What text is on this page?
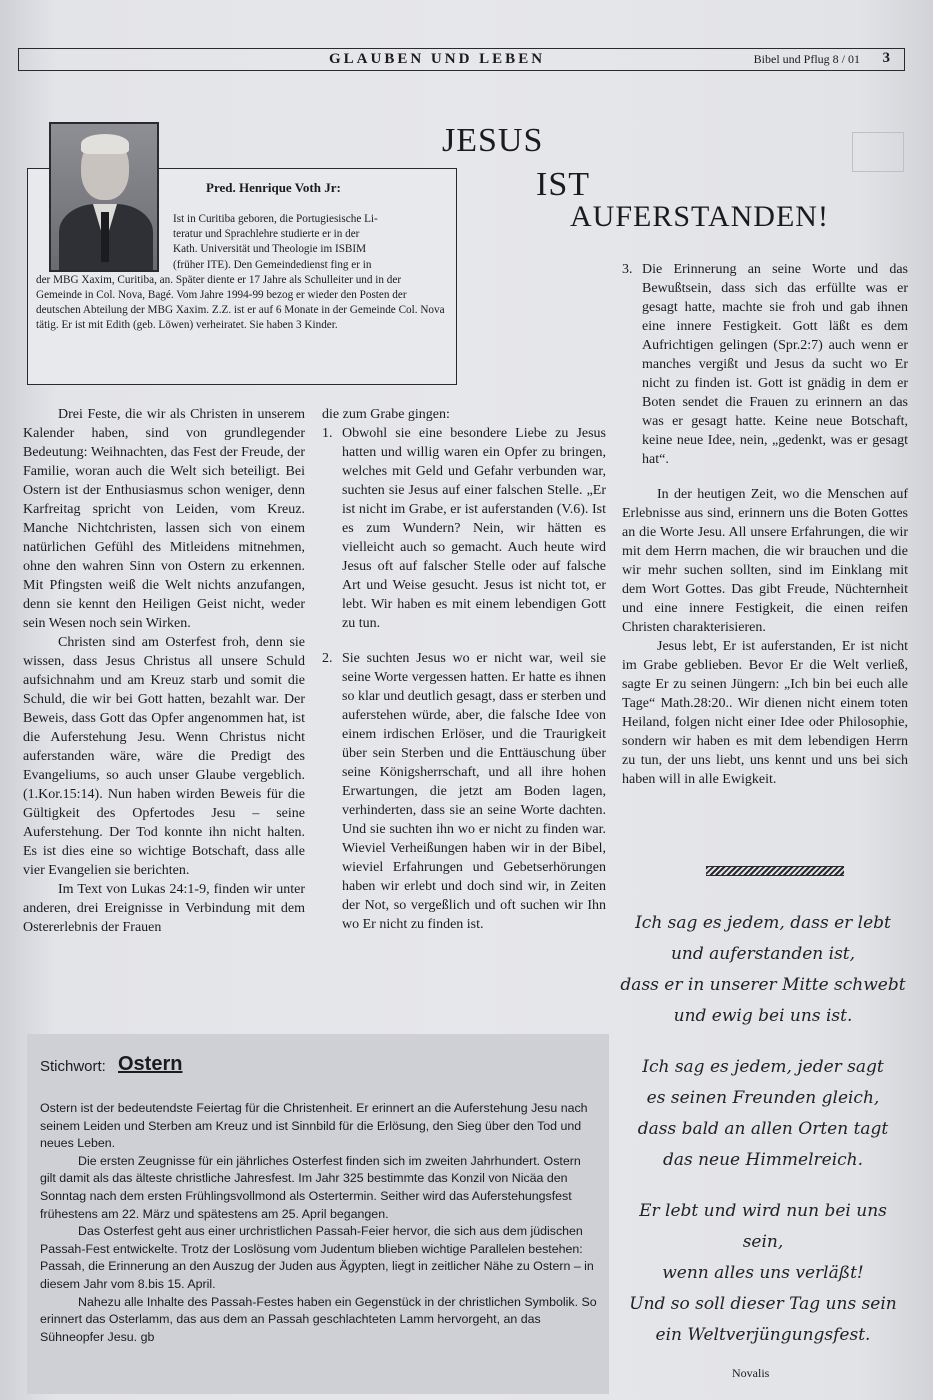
GLAUBEN UND LEBEN	Bibel und Pflug 8 / 01 3
Pred. Henrique Voth Jr:
Ist in Curitiba geboren, die Portugiesische Li-
teratur und Sprachlehre studierte er in der
Kath. Universität und Theologie im ISBIM
(früher ITE). Den Gemeindedienst fing er in
der MBG Xaxim, Curitiba, an. Später diente er 17 Jahre als Schulleiter und in der Gemeinde in Col. Nova, Bagé. Vom Jahre 1994-99 bezog er wieder den Posten der deutschen Abteilung der MBG Xaxim. Z.Z. ist er auf 6 Monate in der Gemeinde Col. Nova tätig. Er ist mit Edith (geb. Löwen) verheiratet. Sie haben 3 Kinder.
JESUS
IST
AUFERSTANDEN!

Drei Feste, die wir als Christen in unserem Kalender haben, sind von grundlegender Bedeutung: Weihnachten, das Fest der Freude, der Familie, woran auch die Welt sich beteiligt. Bei Ostern ist der Enthusiasmus schon weniger, denn Karfreitag spricht von Leiden, vom Kreuz. Manche Nichtchristen, lassen sich von einem natürlichen Gefühl des Mitleidens mitnehmen, ohne den wahren Sinn von Ostern zu erkennen. Mit Pfingsten weiß die Welt nichts anzufangen, denn sie kennt den Heiligen Geist nicht, weder sein Wesen noch sein Wirken.

Christen sind am Osterfest froh, denn sie wissen, dass Jesus Christus all unsere Schuld aufsichnahm und am Kreuz starb und somit die Schuld, die wir bei Gott hatten, bezahlt war. Der Beweis, dass Gott das Opfer angenommen hat, ist die Auferstehung Jesu. Wenn Christus nicht auferstanden wäre, wäre die Predigt des Evangeliums, so auch unser Glaube vergeblich. (1.Kor.15:14). Nun haben wirden Beweis für die Gültigkeit des Opfertodes Jesu – seine Auferstehung. Der Tod konnte ihn nicht halten. Es ist dies eine so wichtige Botschaft, dass alle vier Evangelien sie berichten.

Im Text von Lukas 24:1-9, finden wir unter anderen, drei Ereignisse in Verbindung mit dem Ostererlebnis der Frauen

die zum Grabe gingen:

1. Obwohl sie eine besondere Liebe zu Jesus hatten und willig waren ein Opfer zu bringen, welches mit Geld und Gefahr verbunden war, suchten sie Jesus auf einer falschen Stelle. „Er ist nicht im Grabe, er ist auferstanden (V.6). Ist es zum Wundern? Nein, wir hätten es vielleicht auch so gemacht. Auch heute wird Jesus oft auf falscher Stelle oder auf falsche Art und Weise gesucht. Jesus ist nicht tot, er lebt. Wir haben es mit einem lebendigen Gott zu tun.

2. Sie suchten Jesus wo er nicht war, weil sie seine Worte vergessen hatten. Er hatte es ihnen so klar und deutlich gesagt, dass er sterben und auferstehen würde, aber, die falsche Idee von einem irdischen Erlöser, und die Traurigkeit über sein Sterben und die Enttäuschung über seine Königsherrschaft, und all ihre hohen Erwartungen, die jetzt am Boden lagen, verhinderten, dass sie an seine Worte dachten. Und sie suchten ihn wo er nicht zu finden war. Wieviel Verheißungen haben wir in der Bibel, wieviel Erfahrungen und Gebetserhörungen haben wir erlebt und doch sind wir, in Zeiten der Not, so vergeßlich und oft suchen wir Ihn wo Er nicht zu finden ist.

3. Die Erinnerung an seine Worte und das Bewußtsein, dass sich das erfüllte was er gesagt hatte, machte sie froh und gab ihnen eine innere Festigkeit. Gott läßt es dem Aufrichtigen gelingen (Spr.2:7) auch wenn er manches vergißt und Jesus da sucht wo Er nicht zu finden ist. Gott ist gnädig in dem er Boten sendet die Frauen zu erinnern an das was er gesagt hatte. Keine neue Botschaft, keine neue Idee, nein, „gedenkt, was er gesagt hat“.

In der heutigen Zeit, wo die Menschen auf Erlebnisse aus sind, erinnern uns die Boten Gottes an die Worte Jesu. All unsere Erfahrungen, die wir mit dem Herrn machen, die wir brauchen und die wir mehr suchen sollten, sind im Einklang mit dem Wort Gottes. Das gibt Freude, Nüchternheit und eine innere Festigkeit, die einen reifen Christen charakterisieren.

Jesus lebt, Er ist auferstanden, Er ist nicht im Grabe geblieben. Bevor Er die Welt verließ, sagte Er zu seinen Jüngern: „Ich bin bei euch alle Tage“ Math.28:20.. Wir dienen nicht einem toten Heiland, folgen nicht einer Idee oder Philosophie, sondern wir haben es mit dem lebendigen Herrn zu tun, der uns liebt, uns kennt und uns bei sich haben will in alle Ewigkeit.

Ich sag es jedem, dass er lebt
und auferstanden ist,
dass er in unserer Mitte schwebt
und ewig bei uns ist.

Ich sag es jedem, jeder sagt
es seinen Freunden gleich,
dass bald an allen Orten tagt
das neue Himmelreich.

Er lebt und wird nun bei uns sein,
wenn alles uns verläßt!
Und so soll dieser Tag uns sein
ein Weltverjüngungsfest.

Novalis
Stichwort: Ostern

Ostern ist der bedeutendste Feiertag für die Christenheit. Er erinnert an die Auferstehung Jesu nach seinem Leiden und Sterben am Kreuz und ist Sinnbild für die Erlösung, den Sieg über den Tod und neues Leben.

Die ersten Zeugnisse für ein jährliches Osterfest finden sich im zweiten Jahrhundert. Ostern gilt damit als das älteste christliche Jahresfest. Im Jahr 325 bestimmte das Konzil von Nicäa den Sonntag nach dem ersten Frühlingsvollmond als Ostertermin. Seither wird das Auferstehungsfest frühestens am 22. März und spätestens am 25. April begangen.

Das Osterfest geht aus einer urchristlichen Passah-Feier hervor, die sich aus dem jüdischen Passah-Fest entwickelte. Trotz der Loslösung vom Judentum blieben wichtige Parallelen bestehen: Passah, die Erinnerung an den Auszug der Juden aus Ägypten, liegt in zeitlicher Nähe zu Ostern – in diesem Jahr vom 8.bis 15. April.

Nahezu alle Inhalte des Passah-Festes haben ein Gegenstück in der christlichen Symbolik. So erinnert das Osterlamm, das aus dem an Passah geschlachteten Lamm hervorgeht, an das Sühneopfer Jesu. gb
